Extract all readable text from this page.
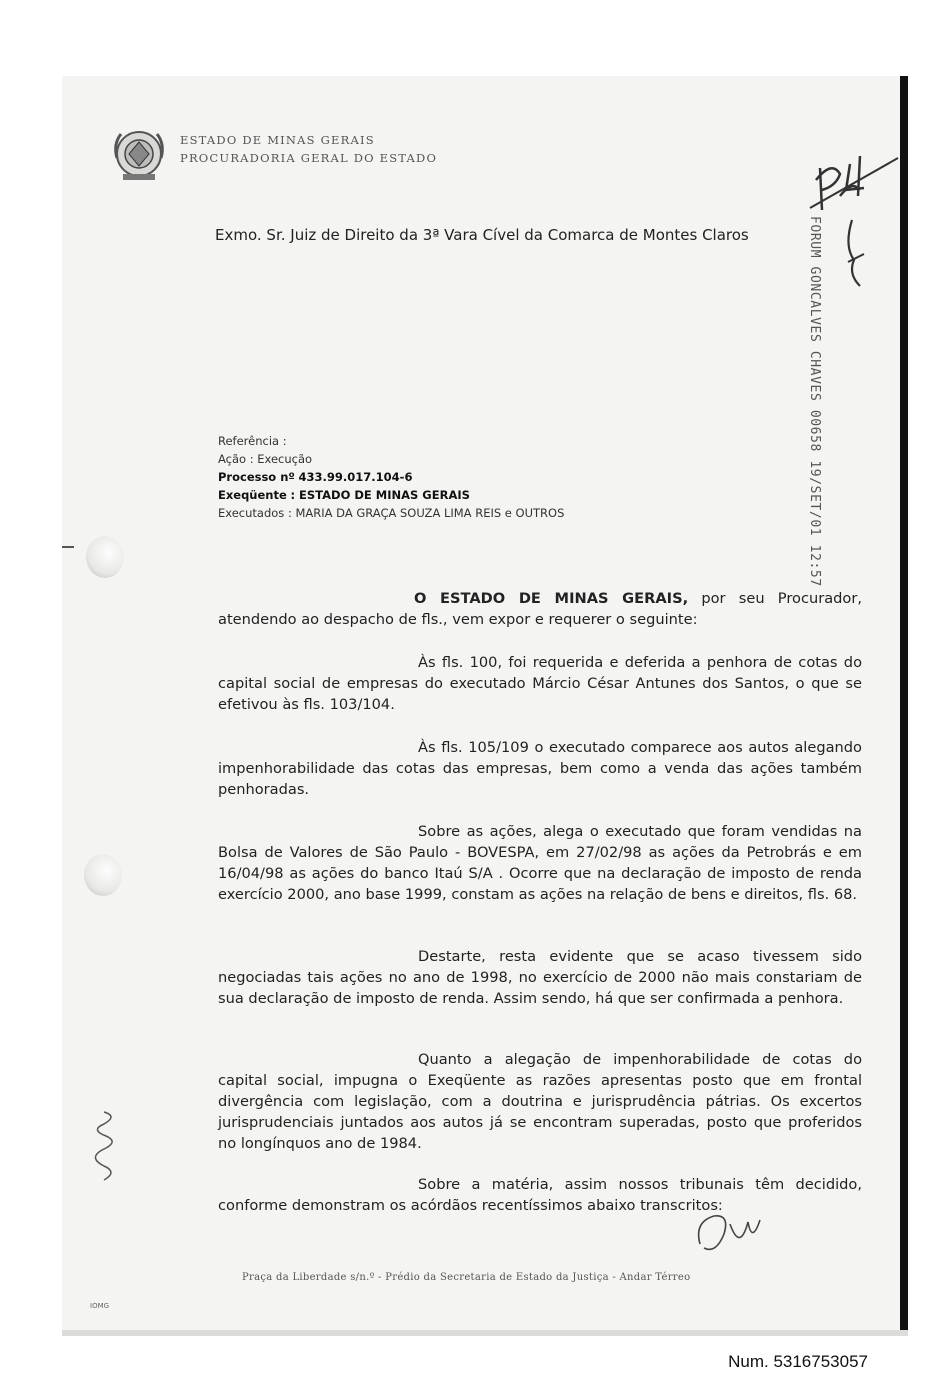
ESTADO DE MINAS GERAIS
PROCURADORIA GERAL DO ESTADO
Exmo. Sr. Juiz de Direito da 3ª Vara Cível da Comarca de Montes Claros	FORUM GONCALVES CHAVES 00658 19/SET/01 12:57
Referência :
Ação : Execução
Processo nº 433.99.017.104-6
Exeqüente : ESTADO DE MINAS GERAIS
Executados : MARIA DA GRAÇA SOUZA LIMA REIS e OUTROS
O ESTADO DE MINAS GERAIS, por seu Procurador, atendendo ao despacho de fls., vem expor e requerer o seguinte:
Às fls. 100, foi requerida e deferida a penhora de cotas do capital social de empresas do executado Márcio César Antunes dos Santos, o que se efetivou às fls. 103/104.
Às fls. 105/109 o executado comparece aos autos alegando impenhorabilidade das cotas das empresas, bem como a venda das ações também penhoradas.
Sobre as ações, alega o executado que foram vendidas na Bolsa de Valores de São Paulo - BOVESPA, em 27/02/98 as ações da Petrobrás e em 16/04/98 as ações do banco Itaú S/A . Ocorre que na declaração de imposto de renda exercício 2000, ano base 1999, constam as ações na relação de bens e direitos, fls. 68.
Destarte, resta evidente que se acaso tivessem sido negociadas tais ações no ano de 1998, no exercício de 2000 não mais constariam de sua declaração de imposto de renda. Assim sendo, há que ser confirmada a penhora.
Quanto a alegação de impenhorabilidade de cotas do capital social, impugna o Exeqüente as razões apresentas posto que em frontal divergência com legislação, com a doutrina e jurisprudência pátrias. Os excertos jurisprudenciais juntados aos autos já se encontram superadas, posto que proferidos no longínquos ano de 1984.
Sobre a matéria, assim nossos tribunais têm decidido, conforme demonstram os acórdãos recentíssimos abaixo transcritos:
Praça da Liberdade s/n.º - Prédio da Secretaria de Estado da Justiça - Andar Térreo
IOMG
Num. 5316753057
